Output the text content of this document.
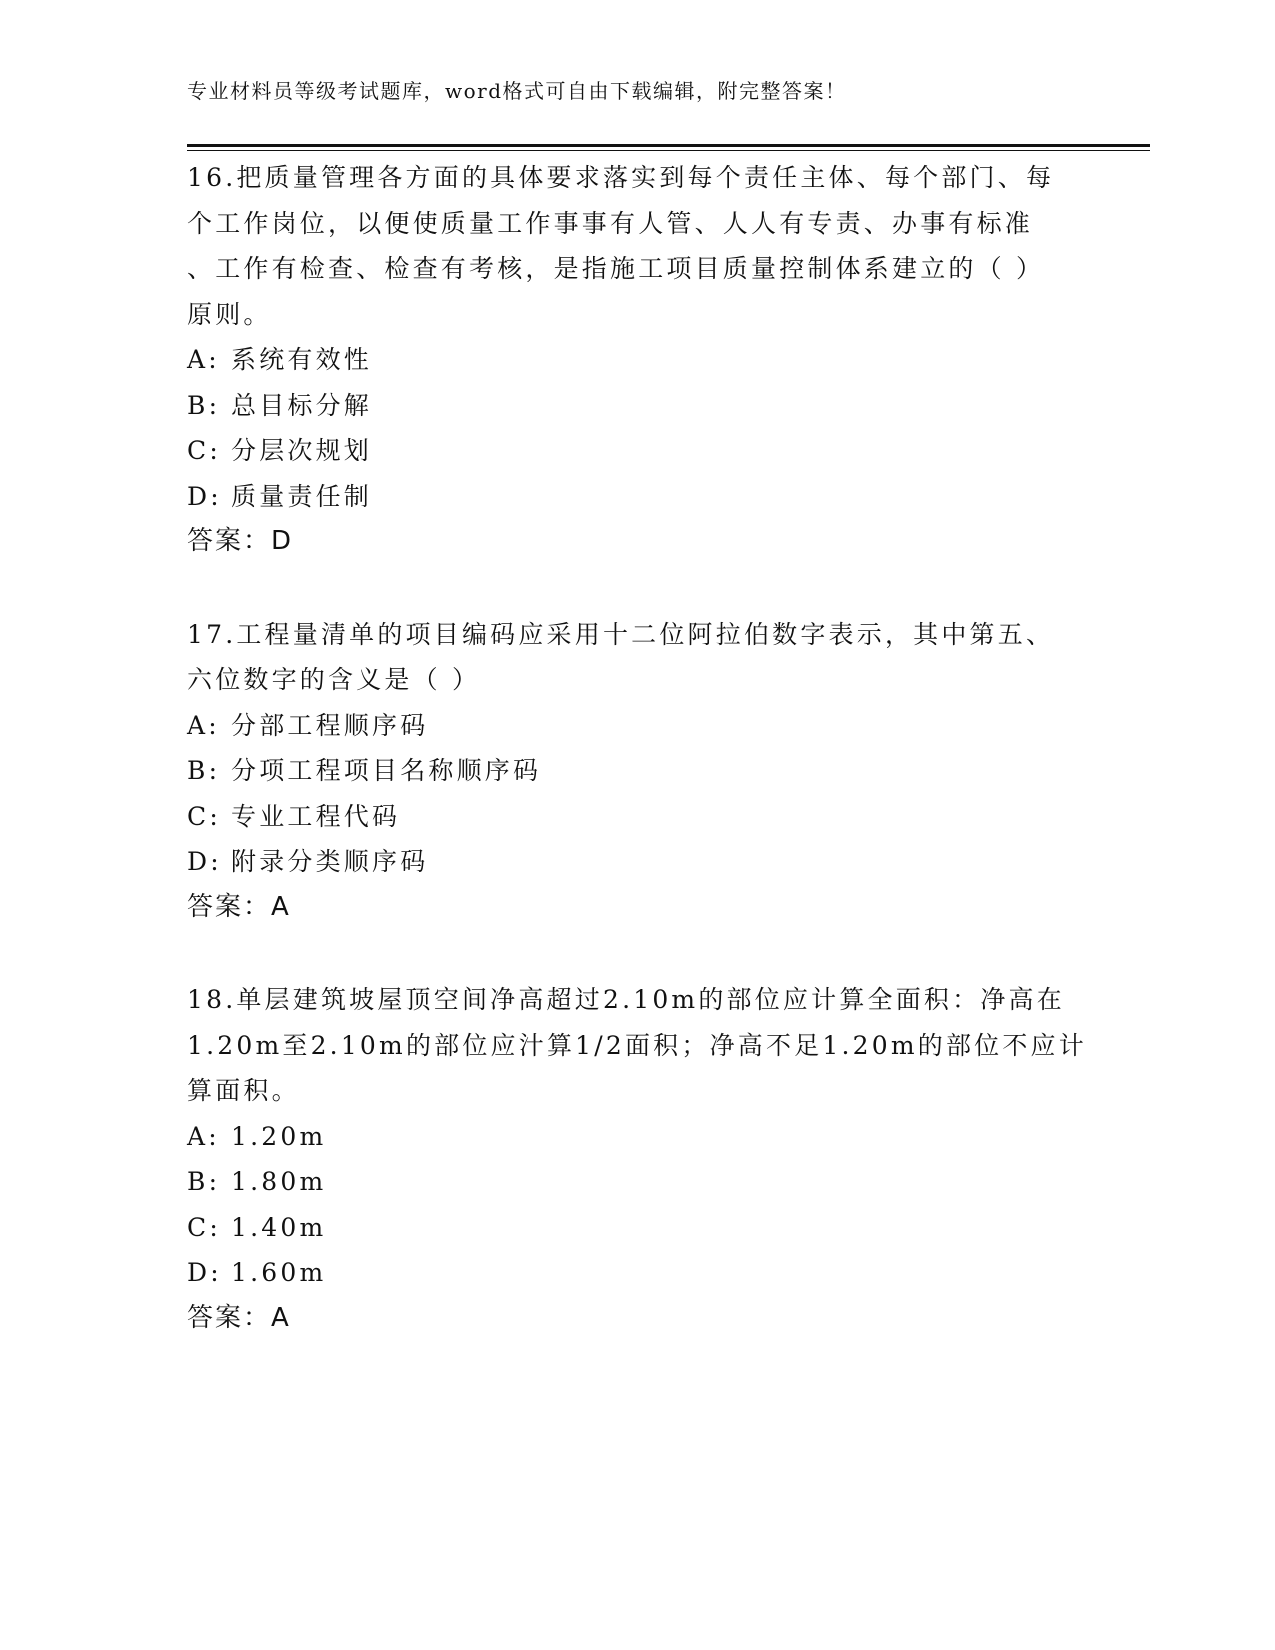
专业材料员等级考试题库，word格式可自由下载编辑，附完整答案！
16.把质量管理各方面的具体要求落实到每个责任主体、每个部门、每
个工作岗位，以便使质量工作事事有人管、人人有专责、办事有标准
、工作有检查、检查有考核，是指施工项目质量控制体系建立的（ ）
原则。
A: 系统有效性
B: 总目标分解
C: 分层次规划
D: 质量责任制
答案：D
17.工程量清单的项目编码应采用十二位阿拉伯数字表示，其中第五、
六位数字的含义是（ ）
A: 分部工程顺序码
B: 分项工程项目名称顺序码
C: 专业工程代码
D: 附录分类顺序码
答案：A
18.单层建筑坡屋顶空间净高超过2.10m的部位应计算全面积：净高在
1.20m至2.10m的部位应汁算1/2面积；净高不足1.20m的部位不应计
算面积。
A: 1.20m
B: 1.80m
C: 1.40m
D: 1.60m
答案：A
